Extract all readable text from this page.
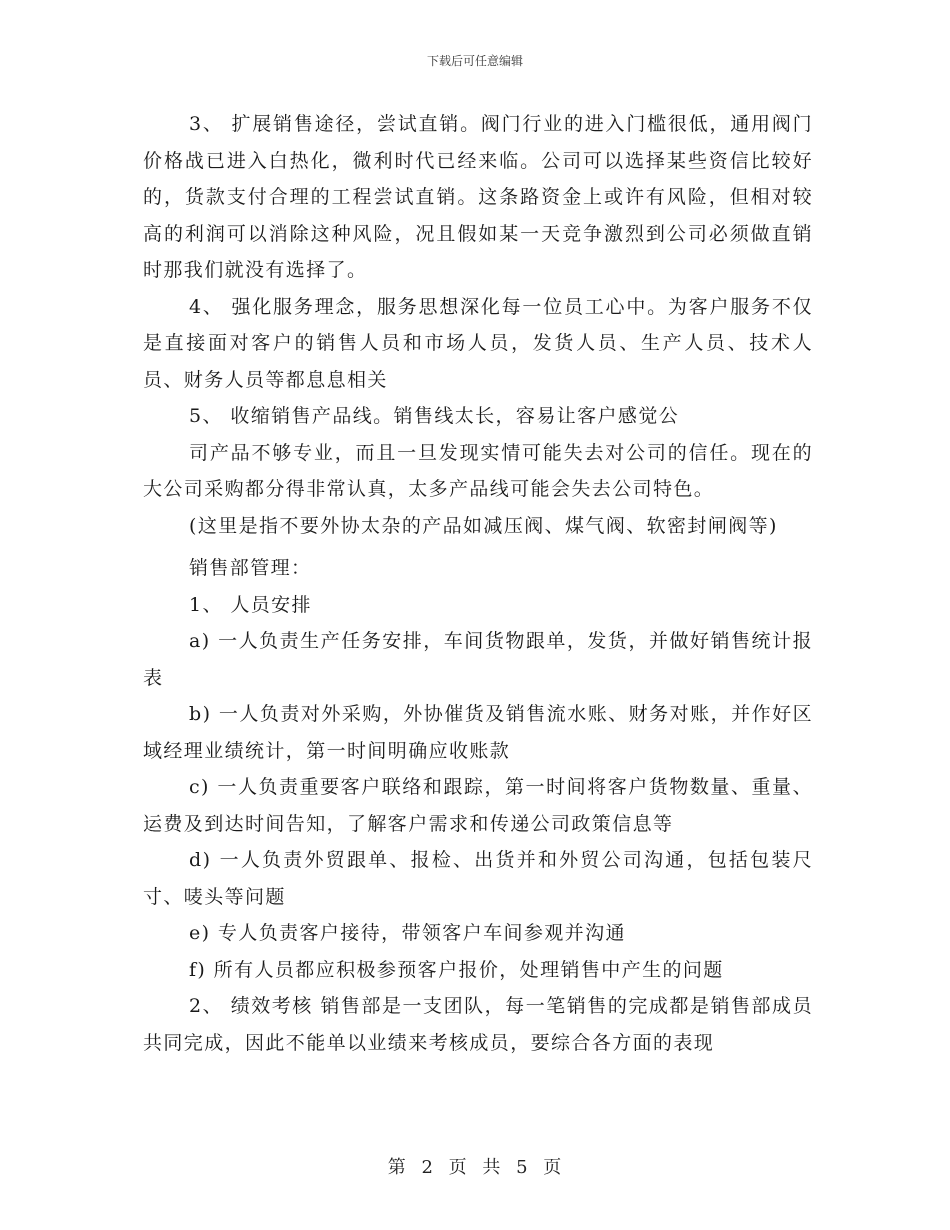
下载后可任意编辑

3、 扩展销售途径，尝试直销。阀门行业的进入门槛很低，通用阀门价格战已进入白热化，微利时代已经来临。公司可以选择某些资信比较好的，货款支付合理的工程尝试直销。这条路资金上或许有风险，但相对较高的利润可以消除这种风险，况且假如某一天竞争激烈到公司必须做直销时那我们就没有选择了。

4、 强化服务理念，服务思想深化每一位员工心中。为客户服务不仅是直接面对客户的销售人员和市场人员，发货人员、生产人员、技术人员、财务人员等都息息相关

5、 收缩销售产品线。销售线太长，容易让客户感觉公

司产品不够专业，而且一旦发现实情可能失去对公司的信任。现在的大公司采购都分得非常认真，太多产品线可能会失去公司特色。

(这里是指不要外协太杂的产品如减压阀、煤气阀、软密封闸阀等)

销售部管理：

1、 人员安排

a) 一人负责生产任务安排，车间货物跟单，发货，并做好销售统计报表

b) 一人负责对外采购，外协催货及销售流水账、财务对账，并作好区域经理业绩统计，第一时间明确应收账款

c) 一人负责重要客户联络和跟踪，第一时间将客户货物数量、重量、运费及到达时间告知，了解客户需求和传递公司政策信息等

d) 一人负责外贸跟单、报检、出货并和外贸公司沟通，包括包装尺寸、唛头等问题

e) 专人负责客户接待，带领客户车间参观并沟通

f) 所有人员都应积极参预客户报价，处理销售中产生的问题

2、 绩效考核 销售部是一支团队，每一笔销售的完成都是销售部成员共同完成，因此不能单以业绩来考核成员，要综合各方面的表现

第 2 页 共 5 页
